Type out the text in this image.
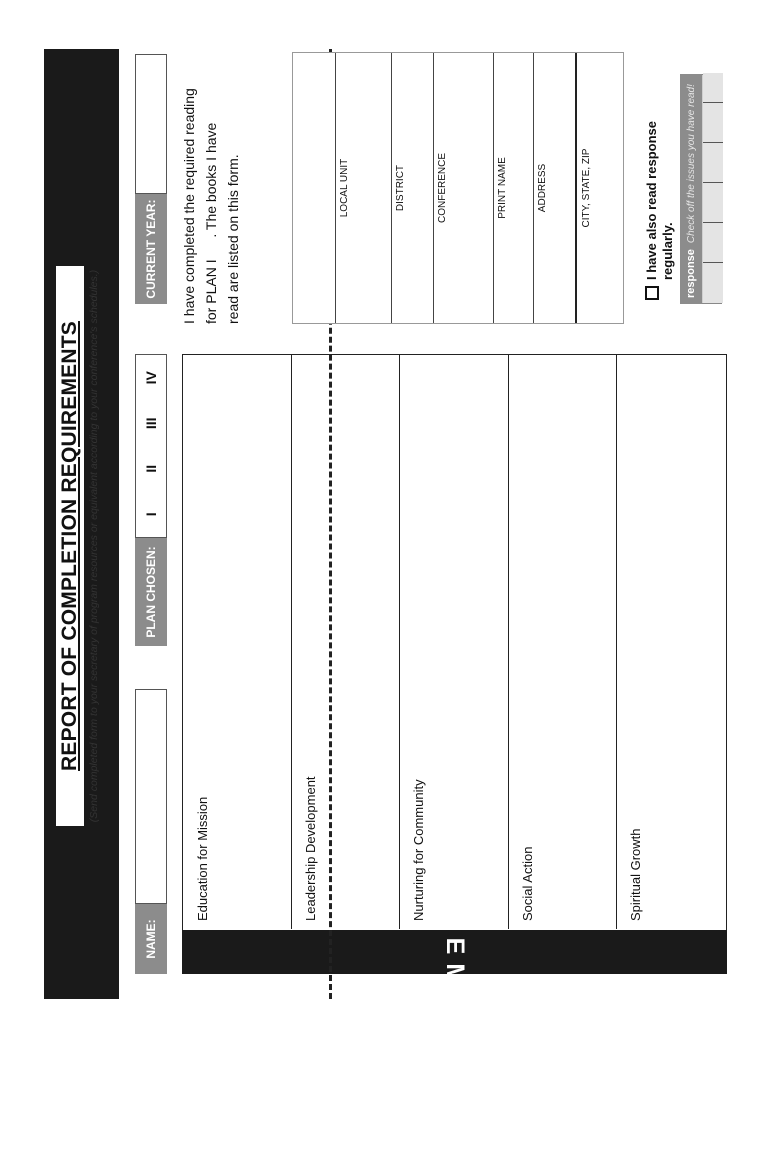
REPORT OF COMPLETION REQUIREMENTS (Send completed form to your secretary of program resources or equivalent according to your conference's schedules.)
NAME:
PLAN CHOSEN:
I
II
III
IV
CURRENT YEAR:
Education for Mission	Leadership Development	Nurturing for Community	Social Action	Spiritual Growth
MISSION EMPHASES
I have completed the required reading for PLAN I  . The books I have read are listed on this form.	LOCAL UNIT	DISTRICT	CONFERENCE	PRINT NAME	ADDRESS	CITY, STATE, ZIP	I have also read response
regularly. response
Check off the issues you have read!
